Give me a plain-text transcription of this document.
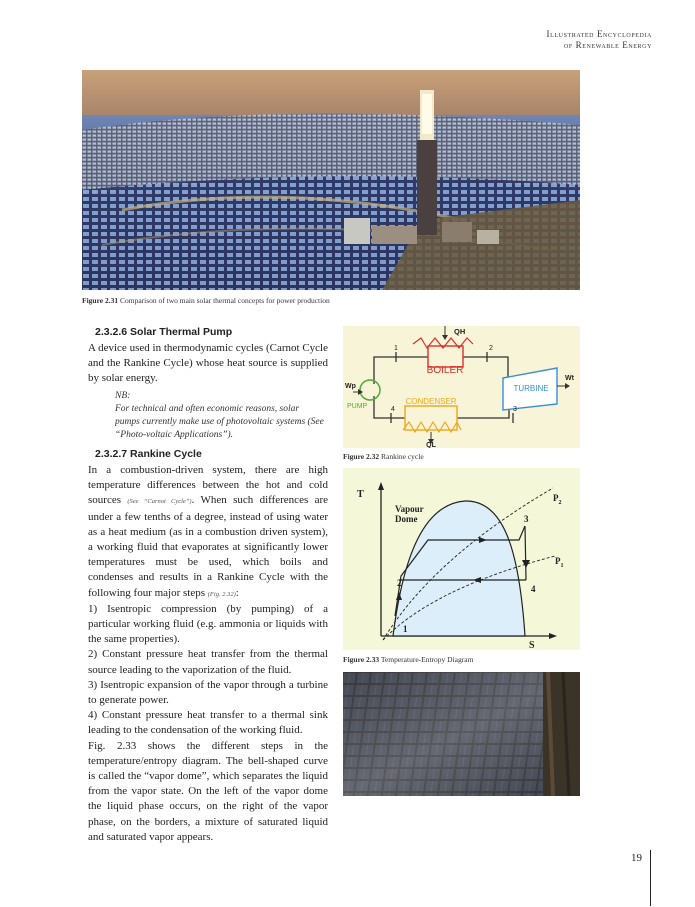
Illustrated Encyclopedia
of Renewable Energy
Figure 2.31 Comparison of two main solar thermal concepts for power production
2.3.2.6 Solar Thermal Pump
A device used in thermodynamic cycles (Carnot Cycle and the Rankine Cycle) whose heat source is supplied by solar energy.
NB:
For technical and often economic reasons, solar pumps currently make use of photovoltaic systems (See “Photo-voltaic Applications”).
2.3.2.7 Rankine Cycle
In a combustion-driven system, there are high temperature differences between the hot and cold sources (See “Carnot Cycle”). When such differences are under a few tenths of a degree, instead of using water as a heat medium (as in a combustion driven system), a working fluid that evaporates at significantly lower temperatures must be used, which boils and condenses and results in a Rankine Cycle with the following four major steps (Fig. 2.32):
1) Isentropic compression (by pumping) of a particular working fluid (e.g. ammonia or liquids with the same properties).
2) Constant pressure heat transfer from the thermal source leading to the vaporization of the fluid.
3) Isentropic expansion of the vapor through a turbine to generate power.
4) Constant pressure heat transfer to a thermal sink leading to the condensation of the working fluid.
Fig. 2.33 shows the different steps in the temperature/entropy diagram. The bell-shaped curve is called the “vapor dome”, which separates the liquid from the vapor state. On the left of the vapor dome the liquid phase occurs, on the right of the vapor phase, on the borders, a mixture of saturated liquid and saturated vapor appears.
QH
BOILER
TURBINE
Wt
Wp
PUMP
CONDENSER
QL
1	2
3
4
Figure 2.32 Rankine cycle
T
S
Vapour
Dome
$P_2$
$P_1$
1
2
3
4
Figure 2.33 Temperature-Entropy Diagram
19
